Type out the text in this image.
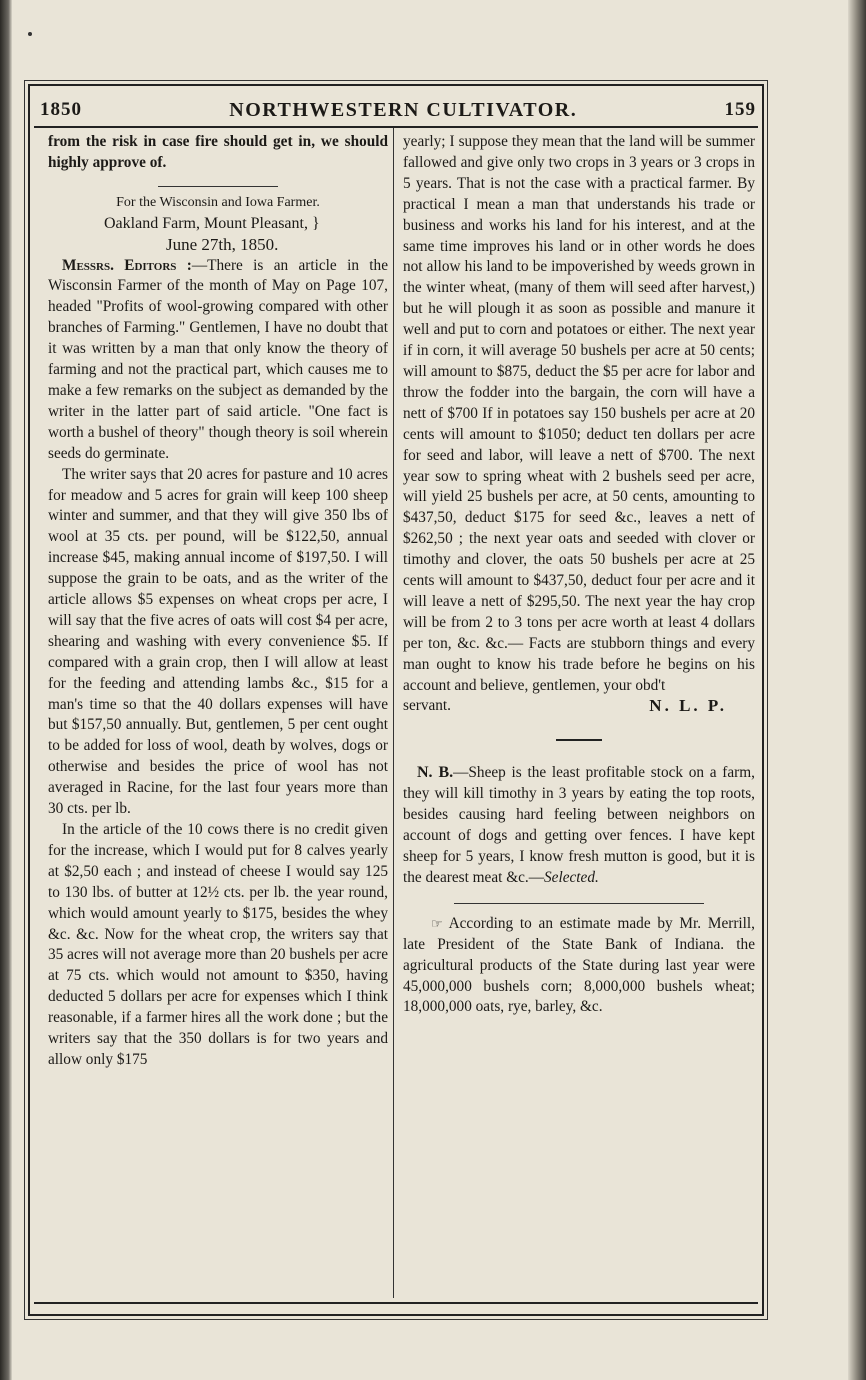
1850	NORTHWESTERN CULTIVATOR.	159

from the risk in case fire should get in, we should highly approve of.

For the Wisconsin and Iowa Farmer.

Oakland Farm, Mount Pleasant, }

June 27th, 1850.

Messrs. Editors :—There is an article in the Wisconsin Farmer of the month of May on Page 107, headed "Profits of wool-growing compared with other branches of Farming." Gentlemen, I have no doubt that it was written by a man that only know the theory of farming and not the practical part, which causes me to make a few remarks on the subject as demanded by the writer in the latter part of said article. "One fact is worth a bushel of theory" though theory is soil wherein seeds do germinate.

The writer says that 20 acres for pasture and 10 acres for meadow and 5 acres for grain will keep 100 sheep winter and summer, and that they will give 350 lbs of wool at 35 cts. per pound, will be $122,50, annual increase $45, making annual income of $197,50. I will suppose the grain to be oats, and as the writer of the article allows $5 expenses on wheat crops per acre, I will say that the five acres of oats will cost $4 per acre, shearing and washing with every convenience $5. If compared with a grain crop, then I will allow at least for the feeding and attending lambs &c., $15 for a man's time so that the 40 dollars expenses will have but $157,50 annually. But, gentlemen, 5 per cent ought to be added for loss of wool, death by wolves, dogs or otherwise and besides the price of wool has not averaged in Racine, for the last four years more than 30 cts. per lb.

In the article of the 10 cows there is no credit given for the increase, which I would put for 8 calves yearly at $2,50 each ; and instead of cheese I would say 125 to 130 lbs. of butter at 12½ cts. per lb. the year round, which would amount yearly to $175, besides the whey &c. &c. Now for the wheat crop, the writers say that 35 acres will not average more than 20 bushels per acre at 75 cts. which would not amount to $350, having deducted 5 dollars per acre for expenses which I think reasonable, if a farmer hires all the work done ; but the writers say that the 350 dollars is for two years and allow only $175

yearly; I suppose they mean that the land will be summer fallowed and give only two crops in 3 years or 3 crops in 5 years. That is not the case with a practical farmer. By practical I mean a man that understands his trade or business and works his land for his interest, and at the same time improves his land or in other words he does not allow his land to be impoverished by weeds grown in the winter wheat, (many of them will seed after harvest,) but he will plough it as soon as possible and manure it well and put to corn and potatoes or either. The next year if in corn, it will average 50 bushels per acre at 50 cents; will amount to $875, deduct the $5 per acre for labor and throw the fodder into the bargain, the corn will have a nett of $700 If in potatoes say 150 bushels per acre at 20 cents will amount to $1050; deduct ten dollars per acre for seed and labor, will leave a nett of $700. The next year sow to spring wheat with 2 bushels seed per acre, will yield 25 bushels per acre, at 50 cents, amounting to $437,50, deduct $175 for seed &c., leaves a nett of $262,50 ; the next year oats and seeded with clover or timothy and clover, the oats 50 bushels per acre at 25 cents will amount to $437,50, deduct four per acre and it will leave a nett of $295,50. The next year the hay crop will be from 2 to 3 tons per acre worth at least 4 dollars per ton, &c. &c.— Facts are stubborn things and every man ought to know his trade before he begins on his account and believe, gentlemen, your obd't

servant.	N. L. P.

N. B.—Sheep is the least profitable stock on a farm, they will kill timothy in 3 years by eating the top roots, besides causing hard feeling between neighbors on account of dogs and getting over fences. I have kept sheep for 5 years, I know fresh mutton is good, but it is the dearest meat &c.—Selected.

☞ According to an estimate made by Mr. Merrill, late President of the State Bank of Indiana. the agricultural products of the State during last year were 45,000,000 bushels corn; 8,000,000 bushels wheat; 18,000,000 oats, rye, barley, &c.
